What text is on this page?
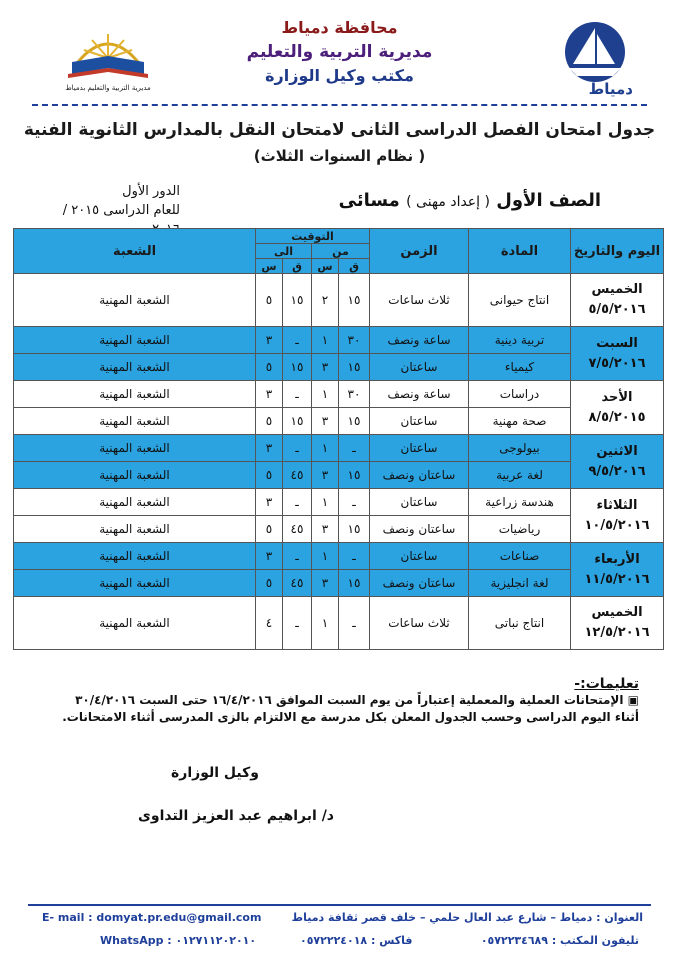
مديرية التربية والتعليم بدمياط
محافظة دمياط
مديرية التربية والتعليم
مكتب وكيل الوزارة
دمياط
جدول امتحان الفصل الدراسى الثانى لامتحان النقل بالمدارس الثانوية الفنية
( نظام السنوات الثلاث)
الصف الأول ( إعداد مهنى ) مسائى
الدور الأول
للعام الدراسى ٢٠١٥ /
اليوم والتاريخ	المادة	الزمن	التوقيت				الشعبة
			من		الى		
			ق	س	ق	س	

الخميس
٥/٥/٢٠١٦	انتاج حيوانى	ثلاث ساعات	١٥	٢	١٥	٥	الشعبة المهنية

السبت
٧/٥/٢٠١٦	تربية دينية	ساعة ونصف	٣٠	١	ـ	٣	الشعبة المهنية
	كيمياء	ساعتان	١٥	٣	١٥	٥	الشعبة المهنية

الأحد
٨/٥/٢٠١٥	دراسات	ساعة ونصف	٣٠	١	ـ	٣	الشعبة المهنية
	صحة مهنية	ساعتان	١٥	٣	١٥	٥	الشعبة المهنية

الاثنين
٩/٥/٢٠١٦	بيولوجى	ساعتان	ـ	١	ـ	٣	الشعبة المهنية
	لغة عربية	ساعتان ونصف	١٥	٣	٤٥	٥	الشعبة المهنية

الثلاثاء
١٠/٥/٢٠١٦	هندسة زراعية	ساعتان	ـ	١	ـ	٣	الشعبة المهنية
	رياضيات	ساعتان ونصف	١٥	٣	٤٥	٥	الشعبة المهنية

الأربعاء
١١/٥/٢٠١٦	صناعات	ساعتان	ـ	١	ـ	٣	الشعبة المهنية
	لغة انجليزية	ساعتان ونصف	١٥	٣	٤٥	٥	الشعبة المهنية

الخميس
١٢/٥/٢٠١٦	انتاج نباتى	ثلاث ساعات	ـ	١	ـ	٤	الشعبة المهنية
تعليمات:-
▣ الإمتحانات العملية والمعملية إعتباراً من يوم السبت الموافق ١٦/٤/٢٠١٦ حتى السبت ٣٠/٤/٢٠١٦
أثناء اليوم الدراسى وحسب الجدول المعلن بكل مدرسة مع الالتزام بالزى المدرسى أثناء الامتحانات.
وكيل الوزارة
د/ ابراهيم عبد العزيز التداوى
العنوان : دمياط – شارع عبد العال حلمي – خلف قصر ثقافة دمياط
E- mail : domyat.pr.edu@gmail.com
تليفون المكتب : ٠٥٧٢٢٣٤٦٨٩
فاكس : ٠٥٧٢٢٢٤٠١٨
WhatsApp : ٠١٢٧١١٢٠٢٠١٠
